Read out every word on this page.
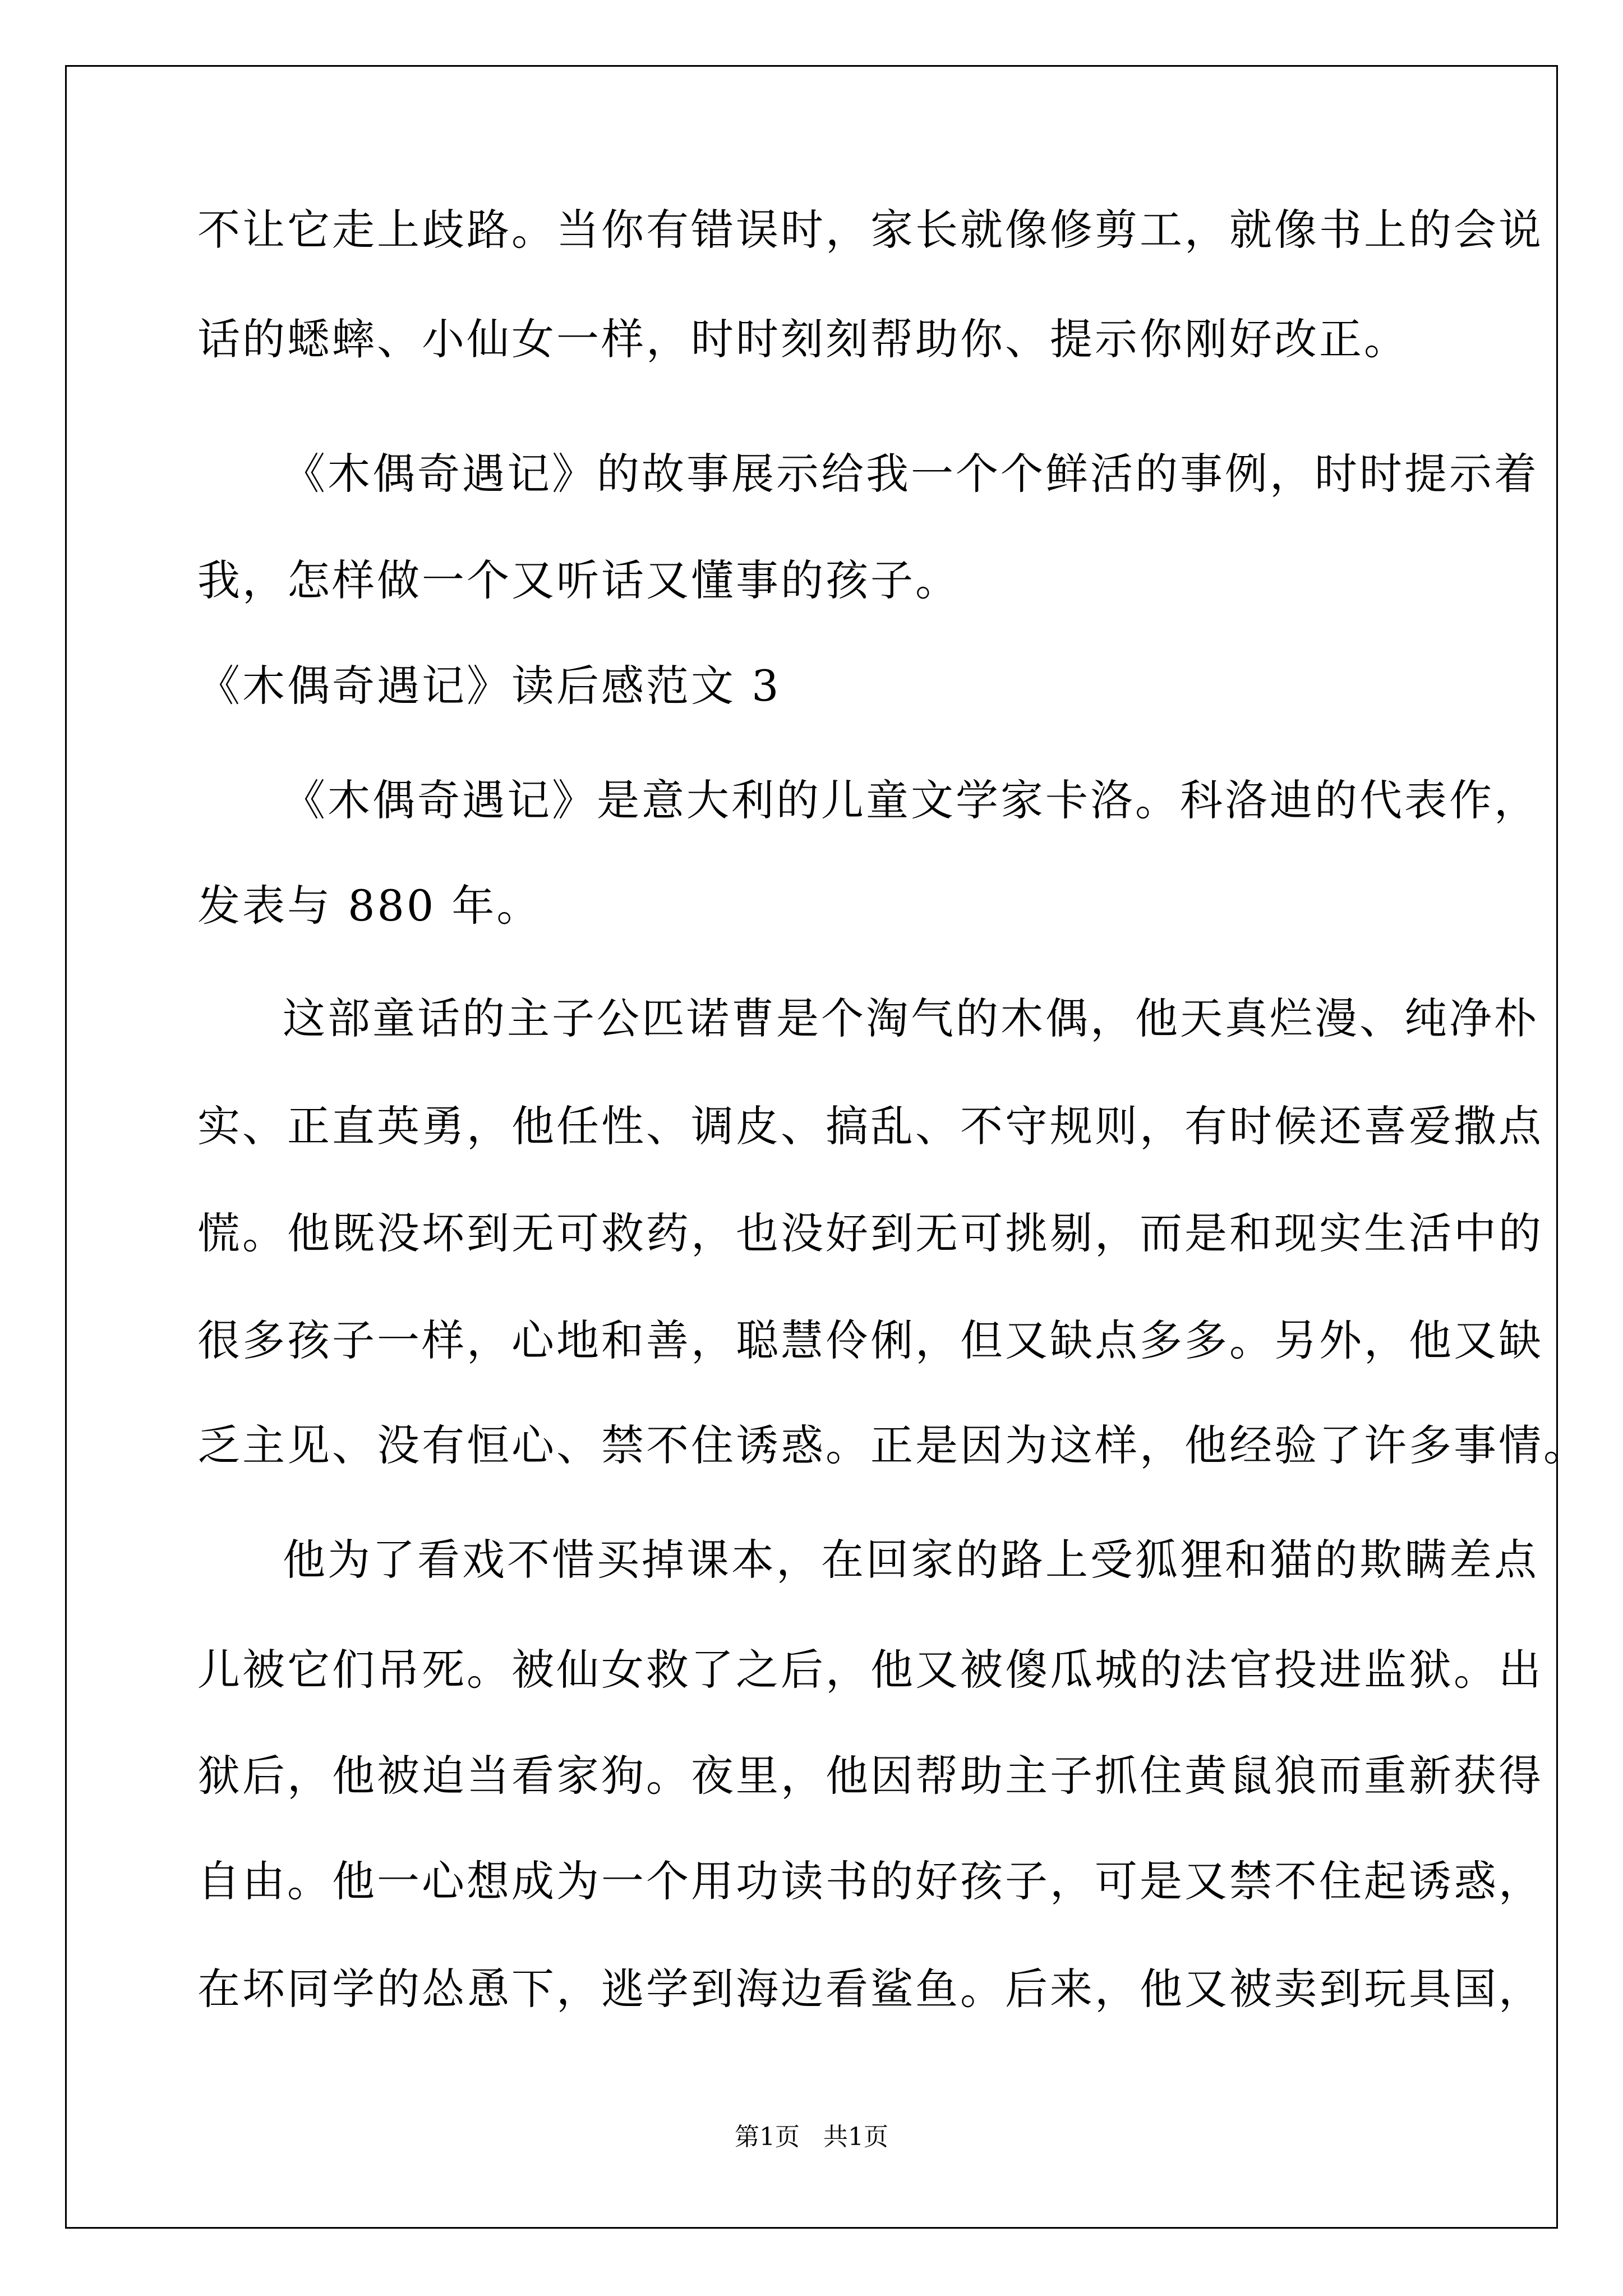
不让它走上歧路。当你有错误时，家长就像修剪工，就像书上的会说
话的蟋蟀、小仙女一样，时时刻刻帮助你、提示你刚好改正。
《木偶奇遇记》的故事展示给我一个个鲜活的事例，时时提示着
我，怎样做一个又听话又懂事的孩子。
《木偶奇遇记》读后感范文 3
《木偶奇遇记》是意大利的儿童文学家卡洛。科洛迪的代表作，
发表与 880 年。
这部童话的主子公匹诺曹是个淘气的木偶，他天真烂漫、纯净朴
实、正直英勇，他任性、调皮、搞乱、不守规则，有时候还喜爱撒点
慌。他既没坏到无可救药，也没好到无可挑剔，而是和现实生活中的
很多孩子一样，心地和善，聪慧伶俐，但又缺点多多。另外，他又缺
乏主见、没有恒心、禁不住诱惑。正是因为这样，他经验了许多事情。
他为了看戏不惜买掉课本，在回家的路上受狐狸和猫的欺瞒差点
儿被它们吊死。被仙女救了之后，他又被傻瓜城的法官投进监狱。出
狱后，他被迫当看家狗。夜里，他因帮助主子抓住黄鼠狼而重新获得
自由。他一心想成为一个用功读书的好孩子，可是又禁不住起诱惑，
在坏同学的怂恿下，逃学到海边看鲨鱼。后来，他又被卖到玩具国，
第1页   共1页
